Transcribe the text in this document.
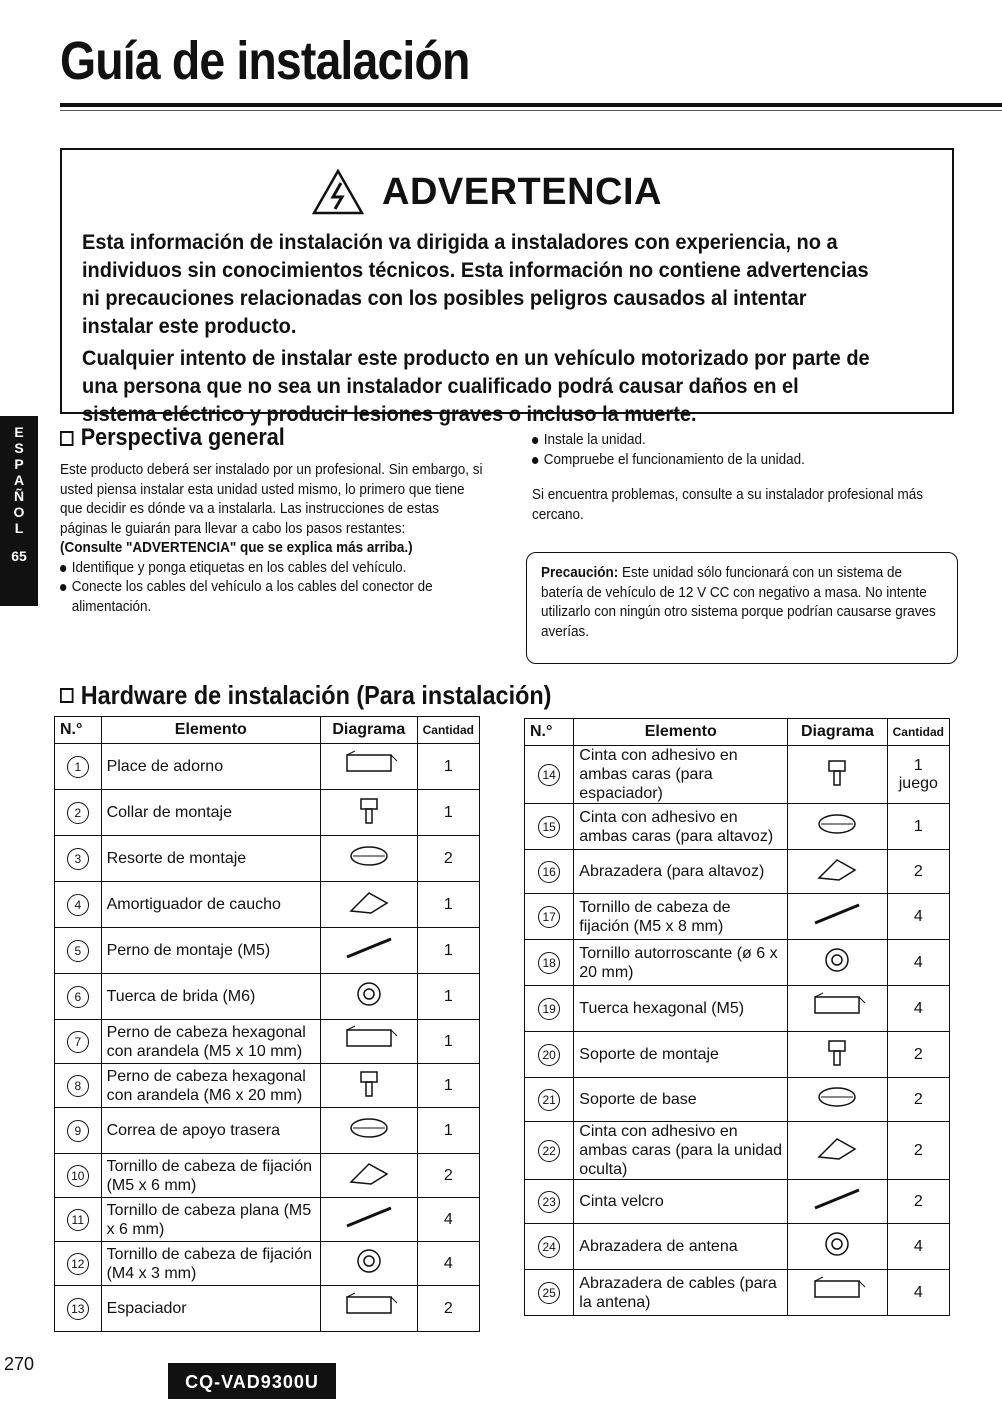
Guía de instalación
ADVERTENCIA

Esta información de instalación va dirigida a instaladores con experiencia, no a individuos sin conocimientos técnicos. Esta información no contiene advertencias ni precauciones relacionadas con los posibles peligros causados al intentar instalar este producto.

Cualquier intento de instalar este producto en un vehículo motorizado por parte de una persona que no sea un instalador cualificado podrá causar daños en el sistema eléctrico y producir lesiones graves o incluso la muerte.

E
S
P
A
Ñ
O
L
65
Perspectiva general
Este producto deberá ser instalado por un profesional. Sin embargo, si usted piensa instalar esta unidad usted mismo, lo primero que tiene que decidir es dónde va a instalarla. Las instrucciones de estas páginas le guiarán para llevar a cabo los pasos restantes:
(Consulte "ADVERTENCIA" que se explica más arriba.)
Identifique y ponga etiquetas en los cables del vehículo.
Conecte los cables del vehículo a los cables del conector de alimentación.
Instale la unidad.
Compruebe el funcionamiento de la unidad.
Si encuentra problemas, consulte a su instalador profesional más cercano.
Precaución: Este unidad sólo funcionará con un sistema de batería de vehículo de 12 V CC con negativo a masa. No intente utilizarlo con ningún otro sistema porque podrían causarse graves averías.
Hardware de instalación (Para instalación)
N.°	Elemento	Diagrama	Cantidad
1	Place de adorno		1
2	Collar de montaje		1
3	Resorte de montaje		2
4	Amortiguador de caucho		1
5	Perno de montaje (M5)		1
6	Tuerca de brida (M6)		1
7	Perno de cabeza hexagonal con arandela (M5 x 10 mm)		1
8	Perno de cabeza hexagonal con arandela (M6 x 20 mm)		1
9	Correa de apoyo trasera		1
10	Tornillo de cabeza de fijación (M5 x 6 mm)		2
11	Tornillo de cabeza plana (M5 x 6 mm)		4
12	Tornillo de cabeza de fijación (M4 x 3 mm)		4
13	Espaciador		2
N.°	Elemento	Diagrama	Cantidad
14	Cinta con adhesivo en ambas caras (para espaciador)		1 juego
15	Cinta con adhesivo en ambas caras (para altavoz)		1
16	Abrazadera (para altavoz)		2
17	Tornillo de cabeza de fijación (M5 x 8 mm)		4
18	Tornillo autorroscante (ø 6 x 20 mm)		4
19	Tuerca hexagonal (M5)		4
20	Soporte de montaje		2
21	Soporte de base		2
22	Cinta con adhesivo en ambas caras (para la unidad oculta)		2
23	Cinta velcro		2
24	Abrazadera de antena		4
25	Abrazadera de cables (para la antena)		4
270
CQ-VAD9300U
